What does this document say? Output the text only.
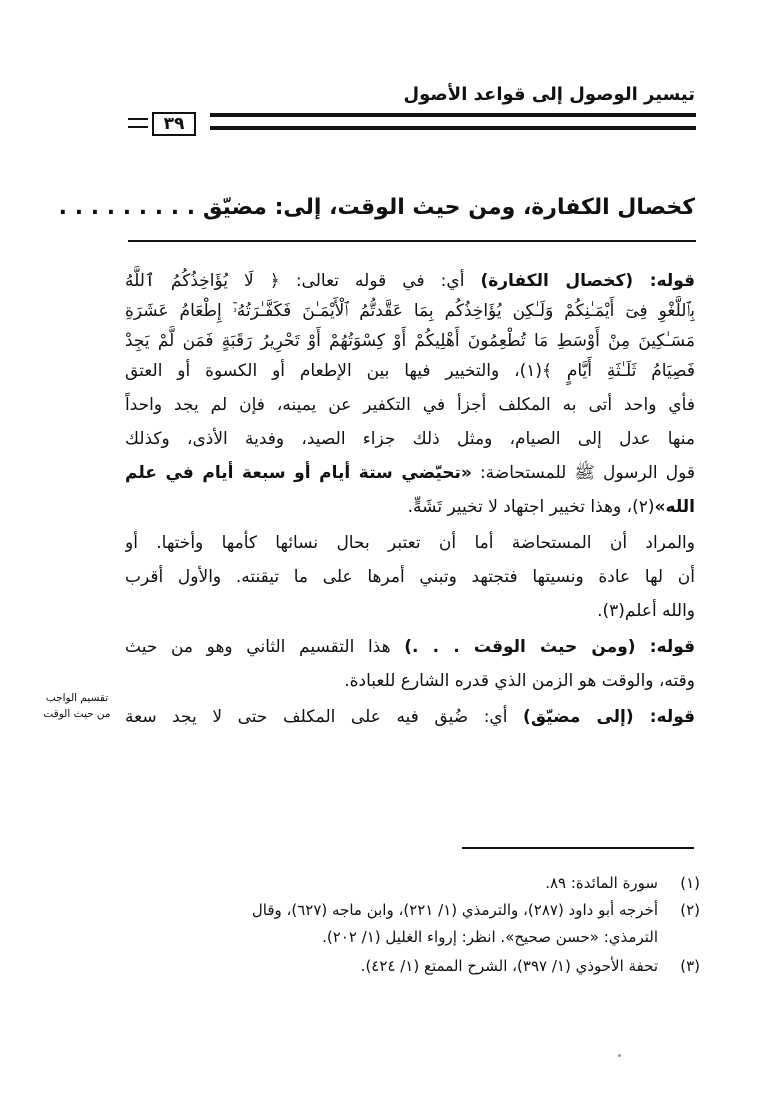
تيسير الوصول إلى قواعد الأصول
٣٩
كخصال الكفارة، ومن حيث الوقت، إلى: مضيّق . . . . . . . . .
قوله: (كخصال الكفارة) أي: في قوله تعالى: ﴿ لَا يُؤَاخِذُكُمُ ٱللَّهُ
بِٱللَّغْوِ فِىٓ أَيْمَـٰنِكُمْ وَلَـٰكِن يُؤَاخِذُكُم بِمَا عَقَّدتُّمُ ٱلْأَيْمَـٰنَ فَكَفَّـٰرَتُهُۥٓ إِطْعَامُ عَشَرَةِ
مَسَـٰكِينَ مِنْ أَوْسَطِ مَا تُطْعِمُونَ أَهْلِيكُمْ أَوْ كِسْوَتُهُمْ أَوْ تَحْرِيرُ رَقَبَةٍ فَمَن لَّمْ يَجِدْ
فَصِيَامُ ثَلَـٰثَةِ أَيَّامٍ ﴾(١)، والتخيير فيها بين الإطعام أو الكسوة أو العتق
فأي واحد أتى به المكلف أجزأ في التكفير عن يمينه، فإن لم يجد واحداً
منها عدل إلى الصيام، ومثل ذلك جزاء الصيد، وفدية الأذى، وكذلك
قول الرسول ﷺ للمستحاضة: «تحيّضي ستة أيام أو سبعة أيام في علم
الله»(٢)، وهذا تخيير اجتهاد لا تخيير تَشَهٍّ.
والمراد أن المستحاضة أما أن تعتبر بحال نسائها كأمها وأختها. أو
أن لها عادة ونسيتها فتجتهد وتبني أمرها على ما تيقنته. والأول أقرب
والله أعلم(٣).
قوله: (ومن حيث الوقت . . .) هذا التقسيم الثاني وهو من حيث
وقته، والوقت هو الزمن الذي قدره الشارع للعبادة.
قوله: (إلى مضيّق) أي: ضُيق فيه على المكلف حتى لا يجد سعة
تقسيم الواجب
من حيث الوقت
(١)سورة المائدة: ٨٩.
(٢)أخرجه أبو داود (٢٨٧)، والترمذي (١/ ٢٢١)، وابن ماجه (٦٢٧)، وقال
الترمذي: «حسن صحيح». انظر: إرواء الغليل (١/ ٢٠٢).
(٣)تحفة الأحوذي (١/ ٣٩٧)، الشرح الممتع (١/ ٤٢٤).
